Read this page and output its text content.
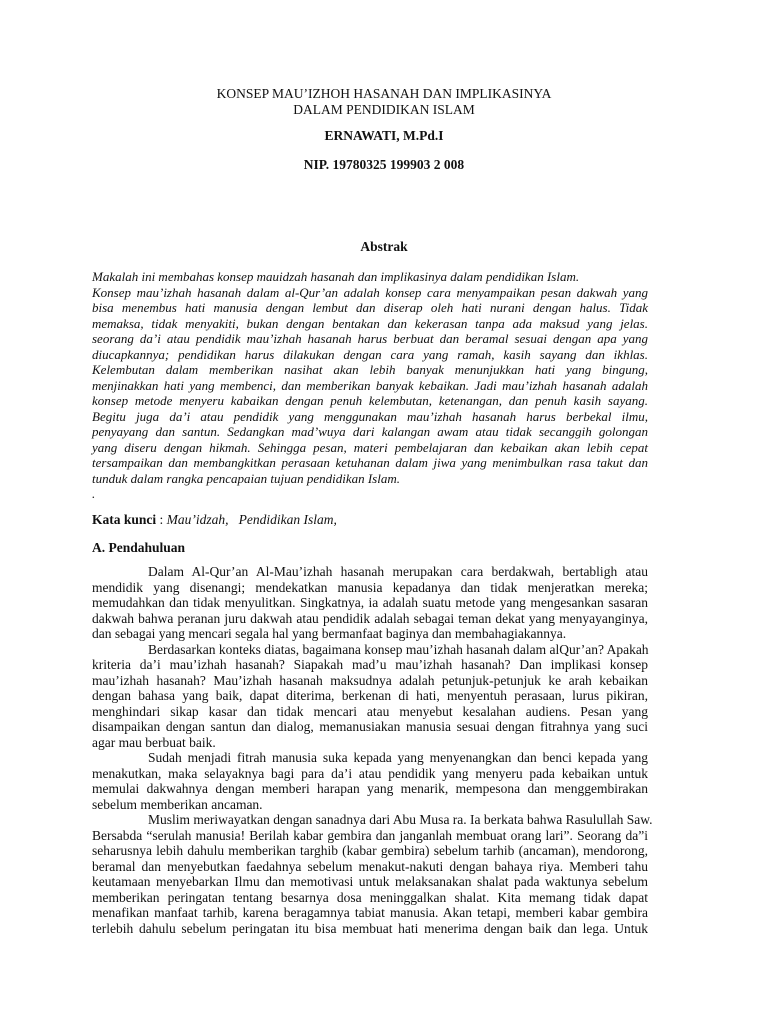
KONSEP MAU’IZHOH HASANAH DAN IMPLIKASINYA
DALAM PENDIDIKAN ISLAM
ERNAWATI, M.Pd.I
NIP. 19780325 199903 2 008
Abstrak
Makalah ini membahas konsep mauidzah hasanah dan implikasinya dalam pendidikan Islam.
Konsep mau’izhah hasanah dalam al-Qur’an adalah konsep cara menyampaikan pesan dakwah yang
bisa menembus hati manusia dengan lembut dan diserap oleh hati nurani dengan halus. Tidak
memaksa, tidak menyakiti, bukan dengan bentakan dan kekerasan tanpa ada maksud yang jelas.
seorang da’i atau pendidik mau’izhah hasanah harus berbuat dan beramal sesuai dengan apa yang
diucapkannya; pendidikan harus dilakukan dengan cara yang ramah, kasih sayang dan ikhlas.
Kelembutan dalam memberikan nasihat akan lebih banyak menunjukkan hati yang bingung,
menjinakkan hati yang membenci, dan memberikan banyak kebaikan. Jadi mau’izhah hasanah adalah
konsep metode menyeru kabaikan dengan penuh kelembutan, ketenangan, dan penuh kasih sayang.
Begitu juga da’i atau pendidik yang menggunakan mau’izhah hasanah harus berbekal ilmu,
penyayang dan santun. Sedangkan mad’wuya dari kalangan awam atau tidak secanggih golongan
yang diseru dengan hikmah. Sehingga pesan, materi pembelajaran dan kebaikan akan lebih cepat
tersampaikan dan membangkitkan perasaan ketuhanan dalam jiwa yang menimbulkan rasa takut dan
tunduk dalam rangka pencapaian tujuan pendidikan Islam.
.
Kata kunci : Mau’idzah,   Pendidikan Islam,
A. Pendahuluan
Dalam Al-Qur’an Al-Mau’izhah hasanah merupakan cara berdakwah, bertabligh atau
mendidik yang disenangi; mendekatkan manusia kepadanya dan tidak menjeratkan mereka;
memudahkan dan tidak menyulitkan. Singkatnya, ia adalah suatu metode yang mengesankan sasaran
dakwah bahwa peranan juru dakwah atau pendidik adalah sebagai teman dekat yang menyayanginya,
dan sebagai yang mencari segala hal yang bermanfaat baginya dan membahagiakannya.
Berdasarkan konteks diatas, bagaimana konsep mau’izhah hasanah dalam alQur’an? Apakah
kriteria da’i mau’izhah hasanah? Siapakah mad’u mau’izhah hasanah? Dan implikasi konsep
mau’izhah hasanah? Mau’izhah hasanah maksudnya adalah petunjuk-petunjuk ke arah kebaikan
dengan bahasa yang baik, dapat diterima, berkenan di hati, menyentuh perasaan, lurus pikiran,
menghindari sikap kasar dan tidak mencari atau menyebut kesalahan audiens. Pesan yang
disampaikan dengan santun dan dialog, memanusiakan manusia sesuai dengan fitrahnya yang suci
agar mau berbuat baik.
Sudah menjadi fitrah manusia suka kepada yang menyenangkan dan benci kepada yang
menakutkan, maka selayaknya bagi para da’i atau pendidik yang menyeru pada kebaikan untuk
memulai dakwahnya dengan memberi harapan yang menarik, mempesona dan menggembirakan
sebelum memberikan ancaman.
Muslim meriwayatkan dengan sanadnya dari Abu Musa ra. Ia berkata bahwa Rasulullah Saw.
Bersabda “serulah manusia! Berilah kabar gembira dan janganlah membuat orang lari”. Seorang da”i
seharusnya lebih dahulu memberikan targhib (kabar gembira) sebelum tarhib (ancaman), mendorong,
beramal dan menyebutkan faedahnya sebelum menakut-nakuti dengan bahaya riya. Memberi tahu
keutamaan menyebarkan Ilmu dan memotivasi untuk melaksanakan shalat pada waktunya sebelum
memberikan peringatan tentang besarnya dosa meninggalkan shalat. Kita memang tidak dapat
menafikan manfaat tarhib, karena beragamnya tabiat manusia. Akan tetapi, memberi kabar gembira
terlebih dahulu sebelum peringatan itu bisa membuat hati menerima dengan baik dan lega. Untuk
